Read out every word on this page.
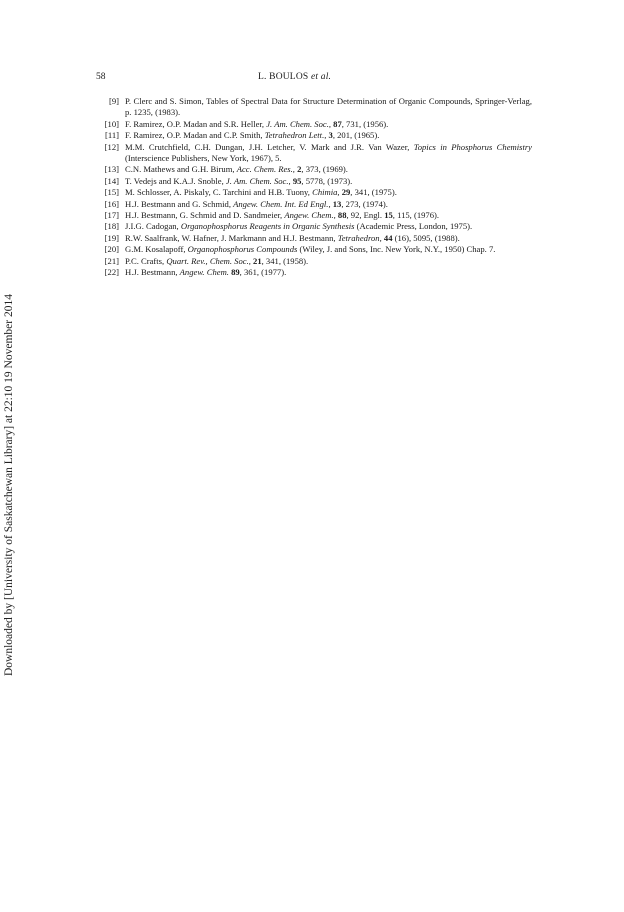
58	L. BOULOS et al.
Downloaded by [University of Saskatchewan Library] at 22:10 19 November 2014
[9] P. Clerc and S. Simon, Tables of Spectral Data for Structure Determination of Organic Compounds, Springer-Verlag, p. 1235, (1983).
[10] F. Ramirez, O.P. Madan and S.R. Heller, J. Am. Chem. Soc., 87, 731, (1956).
[11] F. Ramirez, O.P. Madan and C.P. Smith, Tetrahedron Lett., 3, 201, (1965).
[12] M.M. Crutchfield, C.H. Dungan, J.H. Letcher, V. Mark and J.R. Van Wazer, Topics in Phosphorus Chemistry (Interscience Publishers, New York, 1967), 5.
[13] C.N. Mathews and G.H. Birum, Acc. Chem. Res., 2, 373, (1969).
[14] T. Vedejs and K.A.J. Snoble, J. Am. Chem. Soc., 95, 5778, (1973).
[15] M. Schlosser, A. Piskaly, C. Tarchini and H.B. Tuony, Chimia, 29, 341, (1975).
[16] H.J. Bestmann and G. Schmid, Angew. Chem. Int. Ed Engl., 13, 273, (1974).
[17] H.J. Bestmann, G. Schmid and D. Sandmeier, Angew. Chem., 88, 92, Engl. 15, 115, (1976).
[18] J.I.G. Cadogan, Organophosphorus Reagents in Organic Synthesis (Academic Press, London, 1975).
[19] R.W. Saalfrank, W. Hafner, J. Markmann and H.J. Bestmann, Tetrahedron, 44 (16), 5095, (1988).
[20] G.M. Kosalapoff, Organophosphorus Compounds (Wiley, J. and Sons, Inc. New York, N.Y., 1950) Chap. 7.
[21] P.C. Crafts, Quart. Rev., Chem. Soc., 21, 341, (1958).
[22] H.J. Bestmann, Angew. Chem. 89, 361, (1977).
